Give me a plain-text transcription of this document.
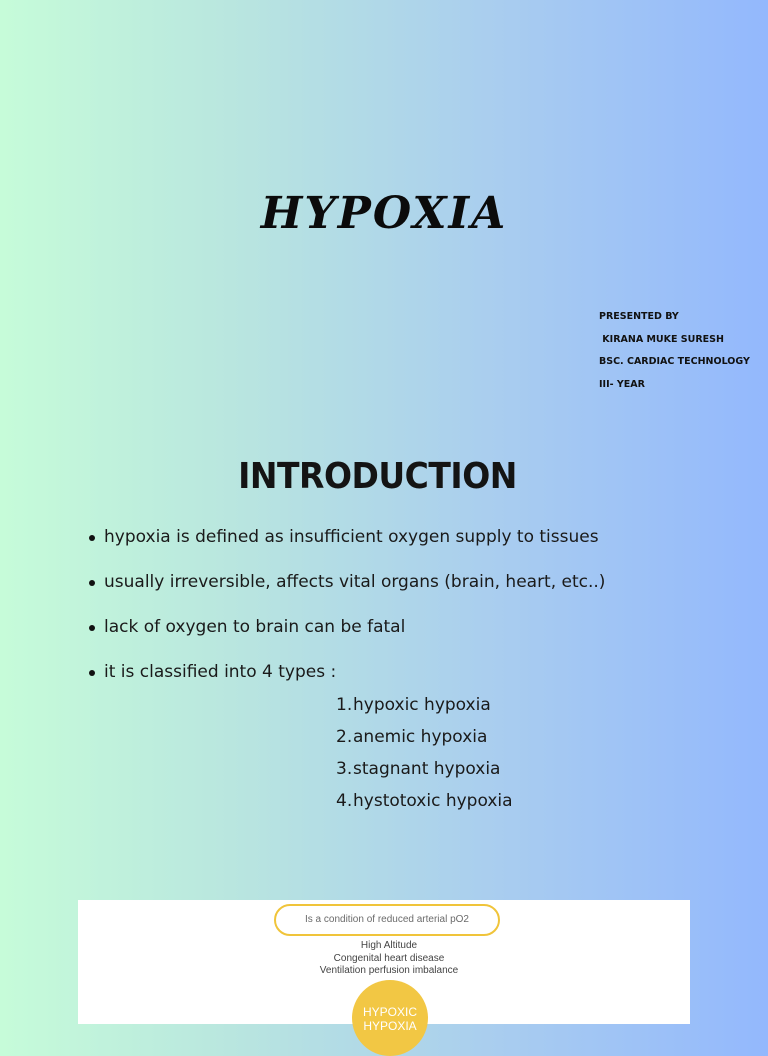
HYPOXIA
PRESENTED BY
KIRANA MUKE SURESH
BSC. CARDIAC TECHNOLOGY
III- YEAR
INTRODUCTION
hypoxia is defined as insufficient oxygen supply to tissues
usually irreversible, affects vital organs (brain, heart, etc..)
lack of oxygen to brain can be fatal
it is classified into 4 types :
1.hypoxic hypoxia
2.anemic hypoxia
3.stagnant hypoxia
4.hystotoxic hypoxia
Is a condition of reduced arterial pO2
High Altitude
Congenital heart disease
Ventilation perfusion imbalance
HYPOXIC
HYPOXIA
